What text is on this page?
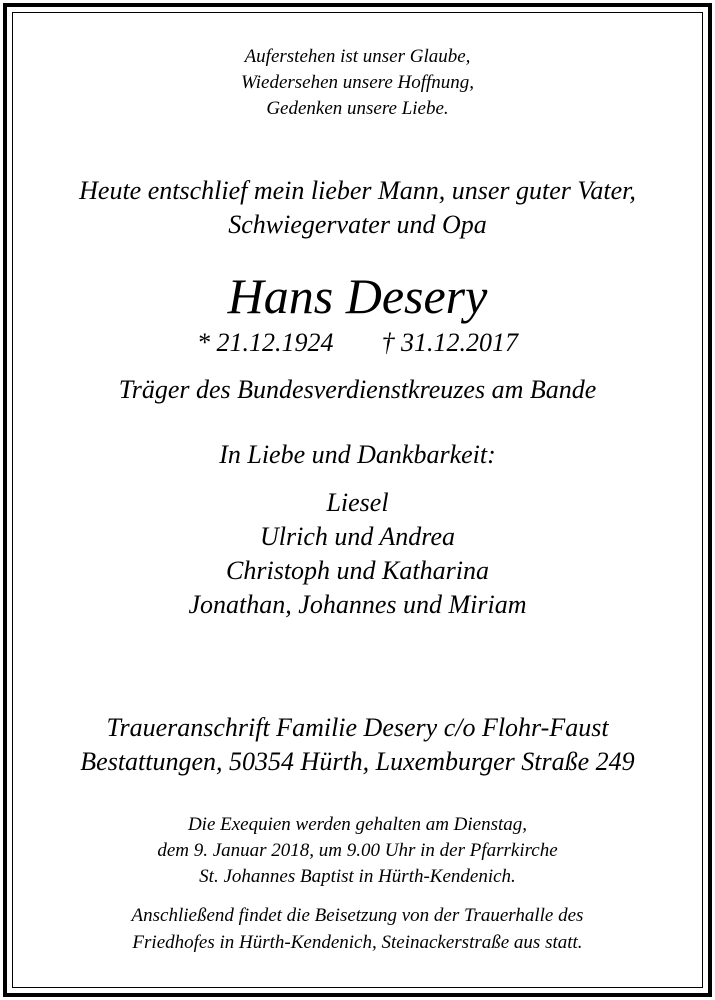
Auferstehen ist unser Glaube,
Wiedersehen unsere Hoffnung,
Gedenken unsere Liebe.
Heute entschlief mein lieber Mann, unser guter Vater,
Schwiegervater und Opa
Hans Desery
* 21.12.1924 † 31.12.2017
Träger des Bundesverdienstkreuzes am Bande
In Liebe und Dankbarkeit:
Liesel
Ulrich und Andrea
Christoph und Katharina
Jonathan, Johannes und Miriam
Traueranschrift Familie Desery c/o Flohr-Faust
Bestattungen, 50354 Hürth, Luxemburger Straße 249
Die Exequien werden gehalten am Dienstag,
dem 9. Januar 2018, um 9.00 Uhr in der Pfarrkirche
St. Johannes Baptist in Hürth-Kendenich.
Anschließend findet die Beisetzung von der Trauerhalle des
Friedhofes in Hürth-Kendenich, Steinackerstraße aus statt.
